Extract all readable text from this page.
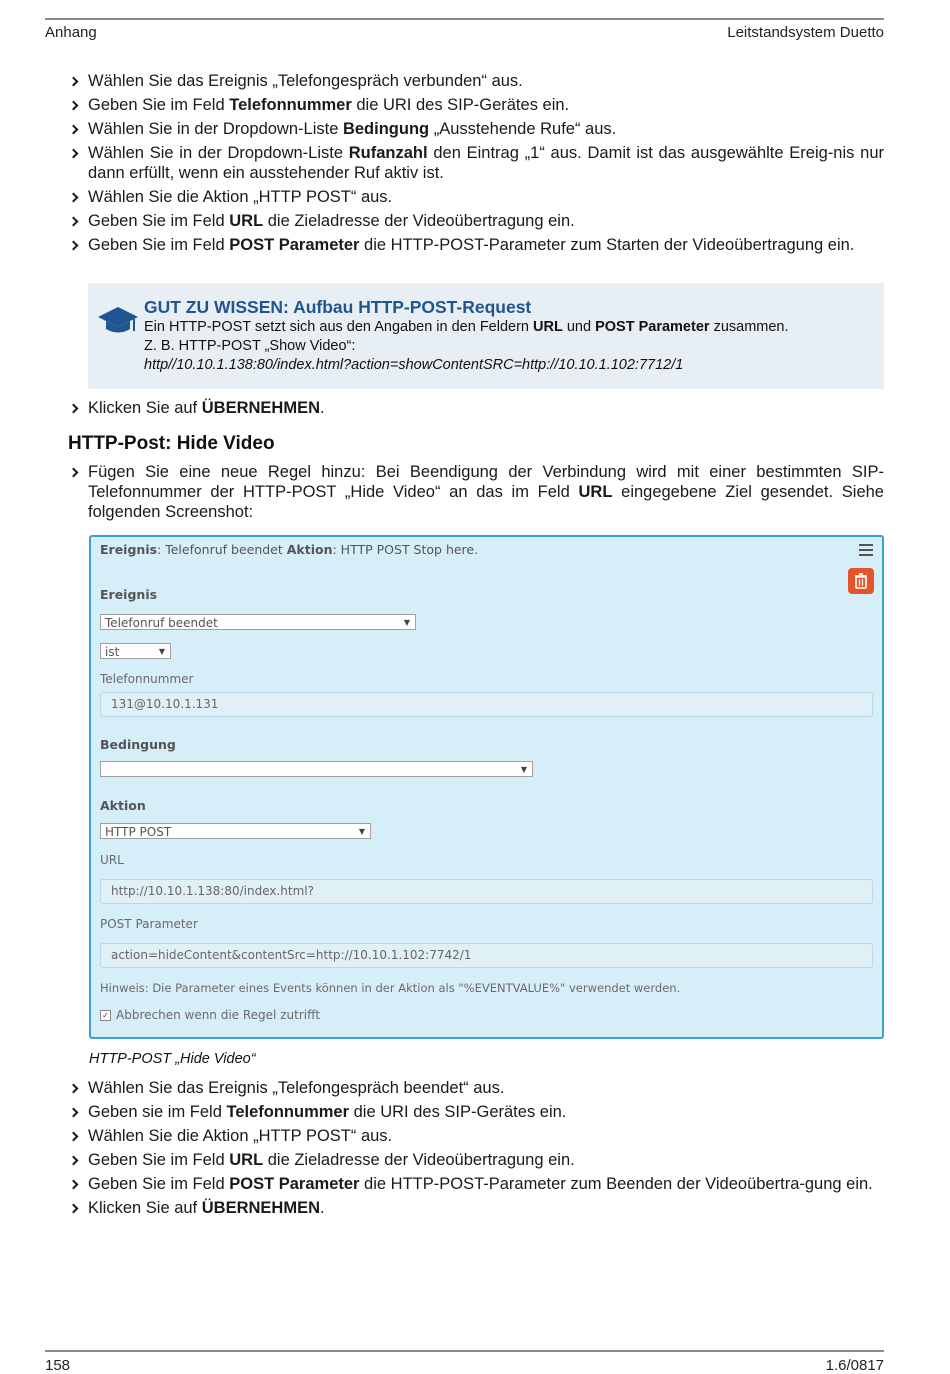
Anhang	Leitstandsystem Duetto
Wählen Sie das Ereignis „Telefongespräch verbunden“ aus.
Geben Sie im Feld Telefonnummer die URI des SIP-Gerätes ein.
Wählen Sie in der Dropdown-Liste Bedingung „Ausstehende Rufe“ aus.
Wählen Sie in der Dropdown-Liste Rufanzahl den Eintrag „1“ aus. Damit ist das ausgewählte Ereig-nis nur dann erfüllt, wenn ein ausstehender Ruf aktiv ist.
Wählen Sie die Aktion „HTTP POST“ aus.
Geben Sie im Feld URL die Zieladresse der Videoübertragung ein.
Geben Sie im Feld POST Parameter die HTTP-POST-Parameter zum Starten der Videoübertragung ein.
GUT ZU WISSEN: Aufbau HTTP-POST-Request
Ein HTTP-POST setzt sich aus den Angaben in den Feldern URL und POST Parameter zusammen.
Z. B. HTTP-POST „Show Video“:
http//10.10.1.138:80/index.html?action=showContentSRC=http://10.10.1.102:7712/1
Klicken Sie auf ÜBERNEHMEN.
HTTP-Post: Hide Video
Fügen Sie eine neue Regel hinzu: Bei Beendigung der Verbindung wird mit einer bestimmten SIP-Telefonnummer der HTTP-POST „Hide Video“ an das im Feld URL eingegebene Ziel gesendet. Siehe folgenden Screenshot:
Ereignis: Telefonruf beendet Aktion: HTTP POST Stop here.
Ereignis
Telefonruf beendet	▼
ist	▼
Telefonnummer
131@10.10.1.131
Bedingung
▼
Aktion
HTTP POST	▼
URL
http://10.10.1.138:80/index.html?
POST Parameter
action=hideContent&contentSrc=http://10.10.1.102:7742/1
Hinweis: Die Parameter eines Events können in der Aktion als "%EVENTVALUE%" verwendet werden.
✓ Abbrechen wenn die Regel zutrifft
HTTP-POST „Hide Video“
Wählen Sie das Ereignis „Telefongespräch beendet“ aus.
Geben sie im Feld Telefonnummer die URI des SIP-Gerätes ein.
Wählen Sie die Aktion „HTTP POST“ aus.
Geben Sie im Feld URL die Zieladresse der Videoübertragung ein.
Geben Sie im Feld POST Parameter die HTTP-POST-Parameter zum Beenden der Videoübertra-gung ein.
Klicken Sie auf ÜBERNEHMEN.
158	1.6/0817
